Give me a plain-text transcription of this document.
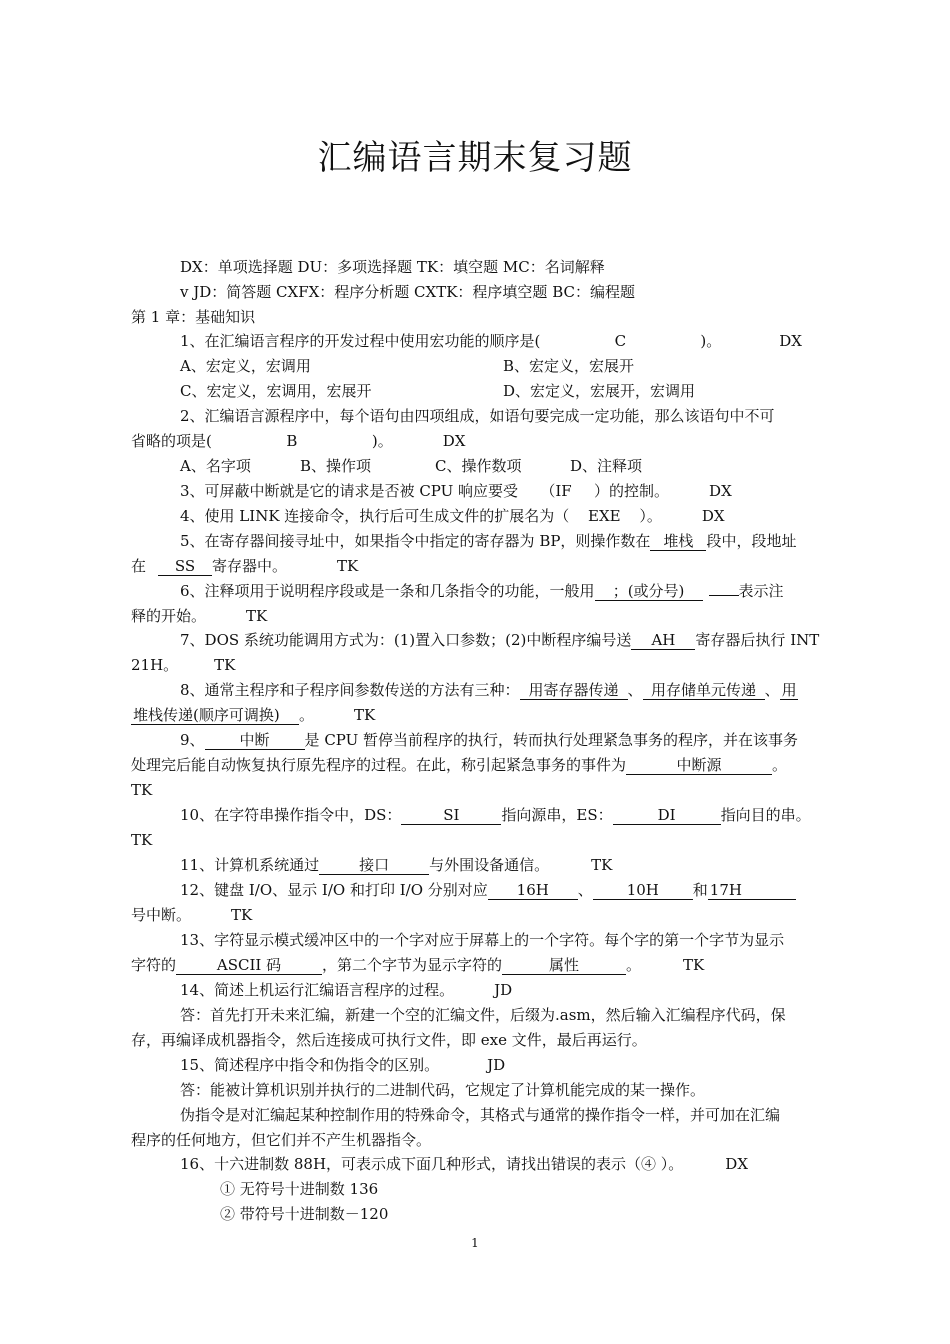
汇编语言期末复习题
DX：单项选择题 DU：多项选择题 TK：填空题 MC：名词解释
v JD：简答题 CXFX：程序分析题 CXTK：程序填空题 BC：编程题
第 1 章：基础知识
1、在汇编语言程序的开发过程中使用宏功能的顺序是(	C	)。	DX
A、宏定义，宏调用	B、宏定义，宏展开
C、宏定义，宏调用，宏展开	D、宏定义，宏展开，宏调用
2、汇编语言源程序中，每个语句由四项组成，如语句要完成一定功能，那么该语句中不可
省略的项是(	B	)。	DX
A、名字项	B、操作项	C、操作数项	D、注释项
3、可屏蔽中断就是它的请求是否被 CPU 响应要受 （IF ）的控制。	DX
4、使用 LINK 连接命令，执行后可生成文件的扩展名为（ EXE ）。	DX
5、在寄存器间接寻址中，如果指令中指定的寄存器为 BP，则操作数在 堆栈 段中，段地址
在 SS 寄存器中。	TK
6、注释项用于说明程序段或是一条和几条指令的功能，一般用 ；(或分号)	表示注
释的开始。	TK
7、DOS 系统功能调用方式为：(1)置入口参数；(2)中断程序编号送 AH 寄存器后执行 INT
21H。 TK
8、通常主程序和子程序间参数传送的方法有三种： 用寄存器传递 、 用存储单元传递 、 用
堆栈传递(顺序可调换) 。	TK
9、 中断 是 CPU 暂停当前程序的执行，转而执行处理紧急事务的程序，并在该事务
处理完后能自动恢复执行原先程序的过程。在此，称引起紧急事务的事件为	中断源	。
TK
10、在字符串操作指令中，DS：	SI	指向源串，ES：	DI	指向目的串。
TK
11、计算机系统通过	接口	与外围设备通信。	TK
12、键盘 I/O、显示 I/O 和打印 I/O 分别对应 16H 、 10H 和 17H
号中断。	TK
13、字符显示模式缓冲区中的一个字对应于屏幕上的一个字符。每个字的第一个字节为显示
字符的	ASCII 码	，第二个字节为显示字符的	属性	。	TK
14、简述上机运行汇编语言程序的过程。	JD
答：首先打开未来汇编，新建一个空的汇编文件，后缀为.asm，然后输入汇编程序代码，保
存，再编译成机器指令，然后连接成可执行文件，即 exe 文件，最后再运行。
15、简述程序中指令和伪指令的区别。	JD
答：能被计算机识别并执行的二进制代码，它规定了计算机能完成的某一操作。
伪指令是对汇编起某种控制作用的特殊命令，其格式与通常的操作指令一样，并可加在汇编
程序的任何地方，但它们并不产生机器指令。
16、十六进制数 88H，可表示成下面几种形式，请找出错误的表示（④ ）。	DX
① 无符号十进制数 136
② 带符号十进制数－120
1
